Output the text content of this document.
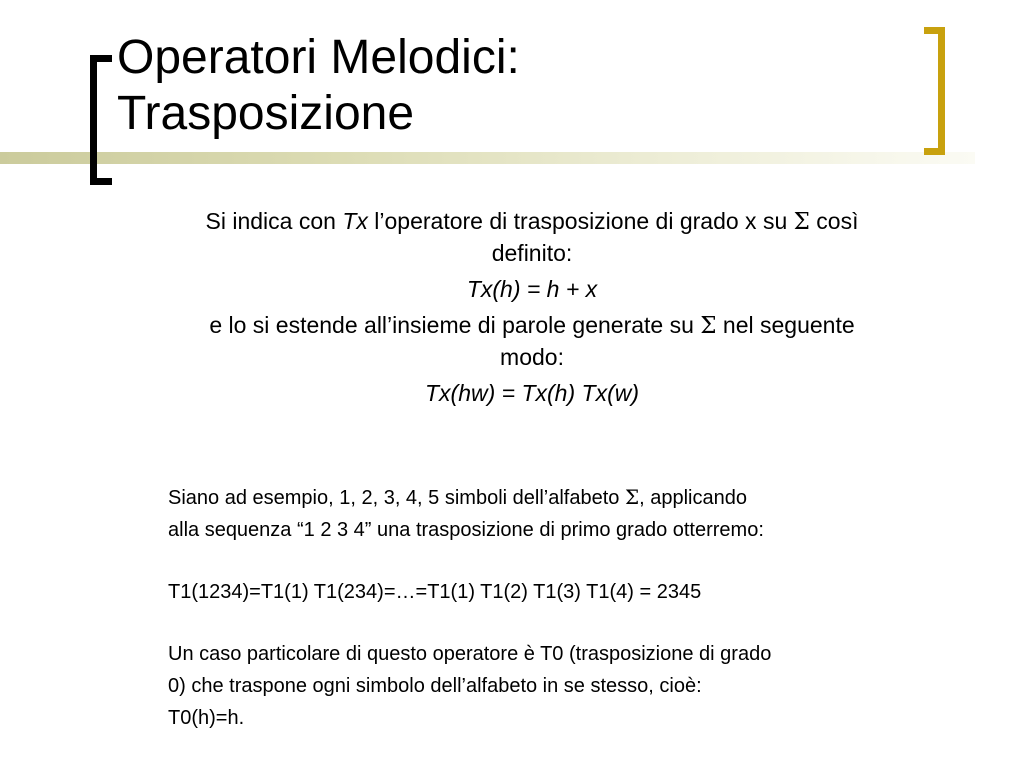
Operatori Melodici:
Trasposizione

Si indica con Tx l’operatore di trasposizione di grado x su Σ così

definito:

Tx(h) = h + x

e lo si estende all’insieme di parole generate su Σ nel seguente

modo:

Tx(hw) = Tx(h) Tx(w)

Siano ad esempio, 1, 2, 3, 4, 5 simboli dell’alfabeto Σ, applicando
alla sequenza “1 2 3 4” una trasposizione di primo grado otterremo:

T1(1234)=T1(1) T1(234)=…=T1(1) T1(2) T1(3) T1(4) = 2345

Un caso particolare di questo operatore è T0 (trasposizione di grado
0) che traspone ogni simbolo dell’alfabeto in se stesso, cioè:
T0(h)=h.
